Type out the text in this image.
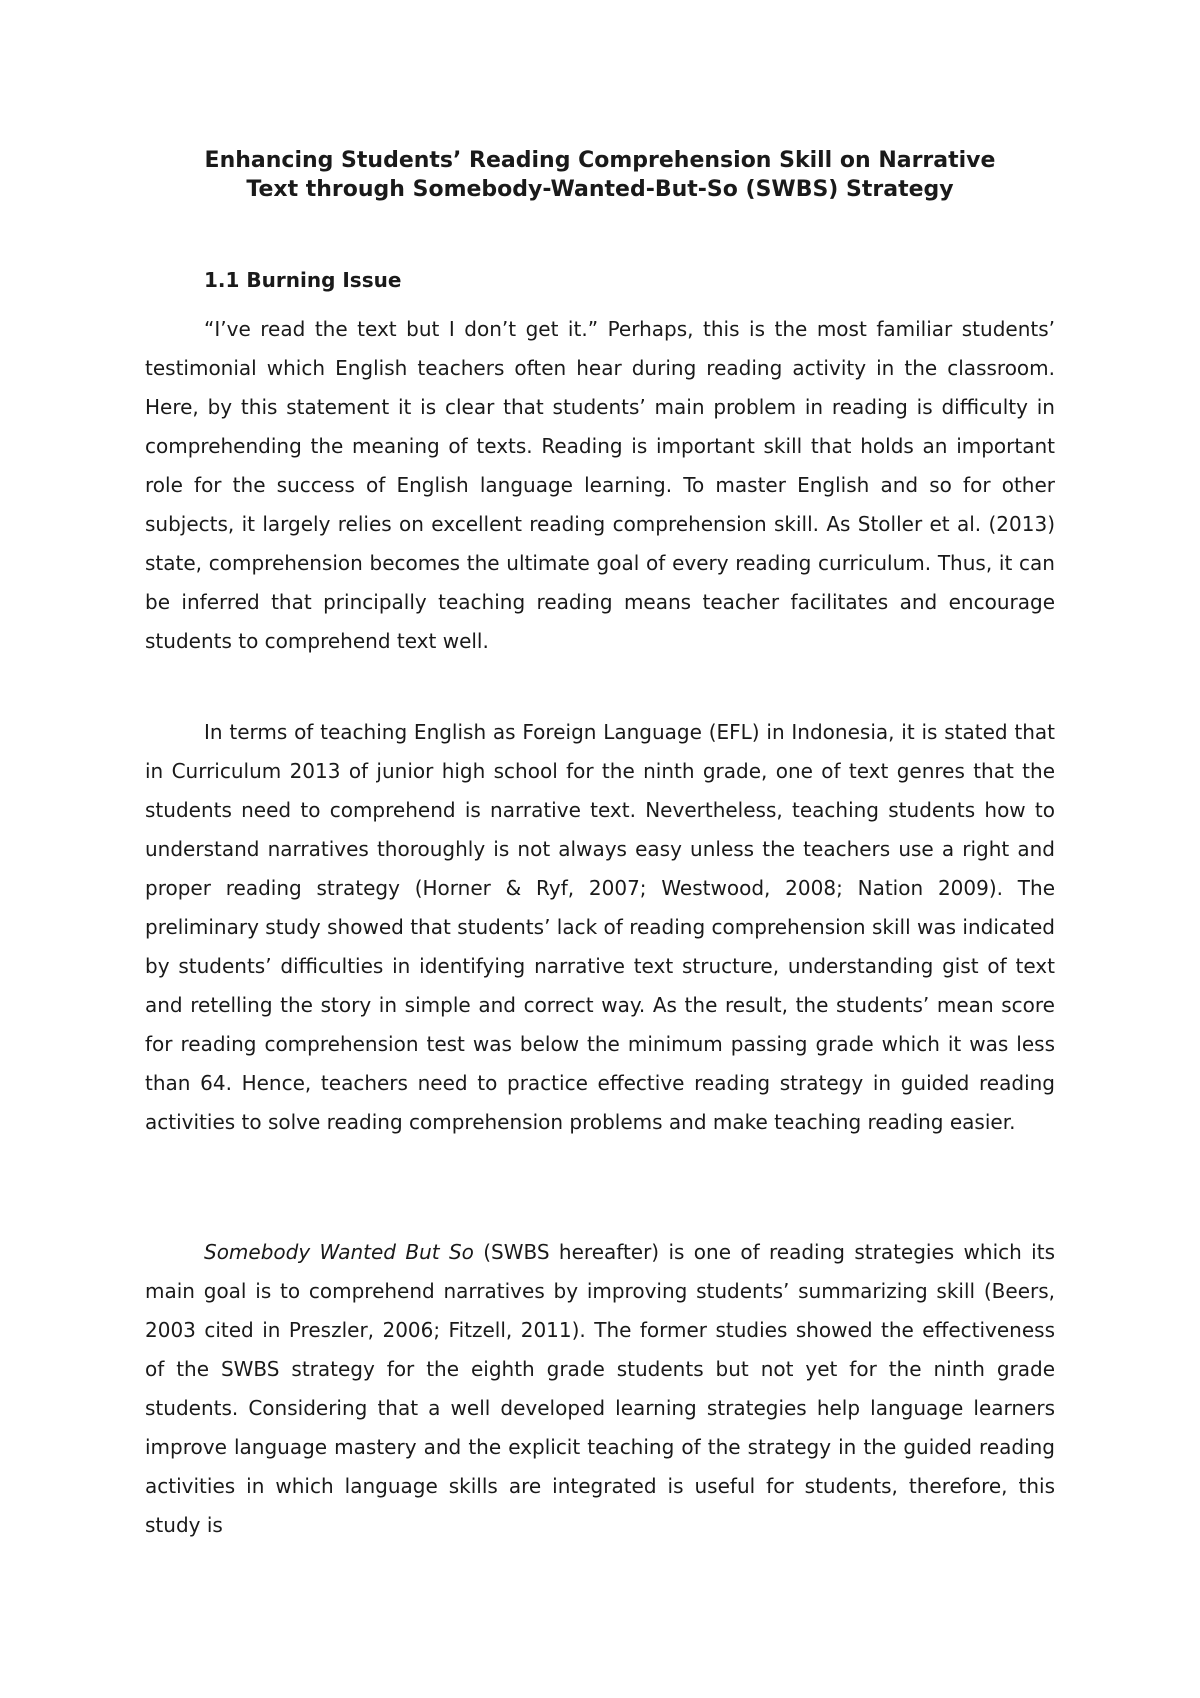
Enhancing Students’ Reading Comprehension Skill on Narrative
Text through Somebody-Wanted-But-So (SWBS) Strategy
1.1 Burning Issue

“I’ve read the text but I don’t get it.” Perhaps, this is the most familiar students’ testimonial which English teachers often hear during reading activity in the classroom. Here, by this statement it is clear that students’ main problem in reading is difficulty in comprehending the meaning of texts. Reading is important skill that holds an important role for the success of English language learning. To master English and so for other subjects, it largely relies on excellent reading comprehension skill. As Stoller et al. (2013) state, comprehension becomes the ultimate goal of every reading curriculum. Thus, it can be inferred that principally teaching reading means teacher facilitates and encourage students to comprehend text well.

In terms of teaching English as Foreign Language (EFL) in Indonesia, it is stated that in Curriculum 2013 of junior high school for the ninth grade, one of text genres that the students need to comprehend is narrative text. Nevertheless, teaching students how to understand narratives thoroughly is not always easy unless the teachers use a right and proper reading strategy (Horner & Ryf, 2007; Westwood, 2008; Nation 2009). The preliminary study showed that students’ lack of reading comprehension skill was indicated by students’ difficulties in identifying narrative text structure, understanding gist of text and retelling the story in simple and correct way. As the result, the students’ mean score for reading comprehension test was below the minimum passing grade which it was less than 64. Hence, teachers need to practice effective reading strategy in guided reading activities to solve reading comprehension problems and make teaching reading easier.

Somebody Wanted But So (SWBS hereafter) is one of reading strategies which its main goal is to comprehend narratives by improving students’ summarizing skill (Beers, 2003 cited in Preszler, 2006; Fitzell, 2011). The former studies showed the effectiveness of the SWBS strategy for the eighth grade students but not yet for the ninth grade students. Considering that a well developed learning strategies help language learners improve language mastery and the explicit teaching of the strategy in the guided reading activities in which language skills are integrated is useful for students, therefore, this study is
